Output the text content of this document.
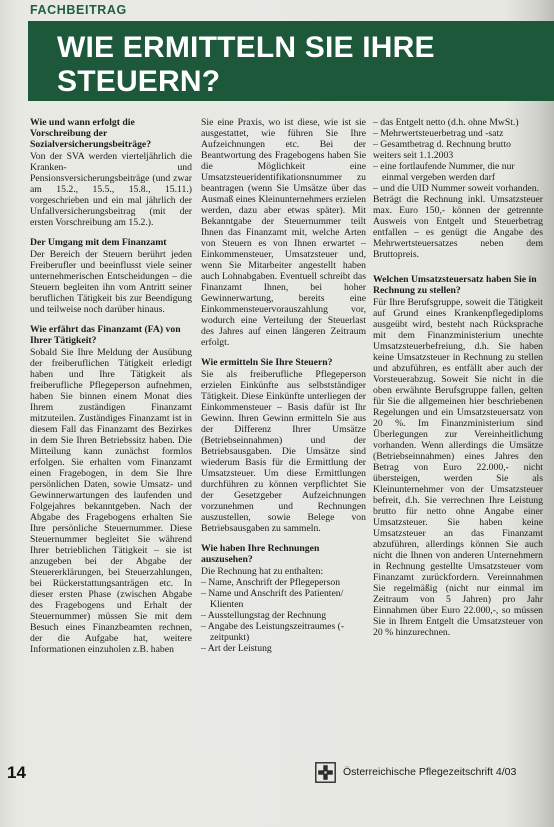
FACHBEITRAG
WIE ERMITTELN SIE IHRE
STEUERN?
Wie und wann erfolgt die Vorschreibung der Sozialversicherungsbeiträge?

Von der SVA werden vierteljährlich die Kranken- und Pensionsversicherungsbeiträge (und zwar am 15.2., 15.5., 15.8., 15.11.) vorgeschrieben und ein mal jährlich der Unfallversicherungsbeitrag (mit der ersten Vorschreibung am 15.2.).

Der Umgang mit dem Finanzamt

Der Bereich der Steuern berührt jeden Freiberufler und beeinflusst viele seiner unternehmerischen Entscheidungen – die Steuern begleiten ihn vom Antritt seiner beruflichen Tätigkeit bis zur Beendigung und teilweise noch darüber hinaus.

Wie erfährt das Finanzamt (FA) von Ihrer Tätigkeit?

Sobald Sie Ihre Meldung der Ausübung der freiberuflichen Tätigkeit erledigt haben und Ihre Tätigkeit als freiberufliche Pflegeperson aufnehmen, haben Sie binnen einem Monat dies Ihrem zuständigen Finanzamt mitzuteilen. Zuständiges Finanzamt ist in diesem Fall das Finanzamt des Bezirkes in dem Sie Ihren Betriebssitz haben. Die Mitteilung kann zunächst formlos erfolgen. Sie erhalten vom Finanzamt einen Fragebogen, in dem Sie Ihre persönlichen Daten, sowie Umsatz- und Gewinnerwartungen des laufenden und Folgejahres bekanntgeben. Nach der Abgabe des Fragebogens erhalten Sie Ihre persönliche Steuernummer. Diese Steuernummer begleitet Sie während Ihrer betrieblichen Tätigkeit – sie ist anzugeben bei der Abgabe der Steuererklärungen, bei Steuerzahlungen, bei Rückerstattungsanträgen etc. In dieser ersten Phase (zwischen Abgabe des Fragebogens und Erhalt der Steuernummer) müssen Sie mit dem Besuch eines Finanzbeamten rechnen, der die Aufgabe hat, weitere Informationen einzuholen z.B. haben

Sie eine Praxis, wo ist diese, wie ist sie ausgestattet, wie führen Sie Ihre Aufzeichnungen etc. Bei der Beantwortung des Fragebogens haben Sie die Möglichkeit eine Umsatzsteueridentifikationsnummer zu beantragen (wenn Sie Umsätze über das Ausmaß eines Kleinunternehmers erzielen werden, dazu aber etwas später). Mit Bekanntgabe der Steuernummer teilt Ihnen das Finanzamt mit, welche Arten von Steuern es von Ihnen erwartet – Einkommensteuer, Umsatzsteuer und, wenn Sie Mitarbeiter angestellt haben auch Lohnabgaben. Eventuell schreibt das Finanzamt Ihnen, bei hoher Gewinnerwartung, bereits eine Einkommensteuervorauszahlung vor, wodurch eine Verteilung der Steuerlast des Jahres auf einen längeren Zeitraum erfolgt.

Wie ermitteln Sie Ihre Steuern?

Sie als freiberufliche Pflegeperson erzielen Einkünfte aus selbstständiger Tätigkeit. Diese Einkünfte unterliegen der Einkommensteuer – Basis dafür ist Ihr Gewinn. Ihren Gewinn ermitteln Sie aus der Differenz Ihrer Umsätze (Betriebseinnahmen) und der Betriebsausgaben. Die Umsätze sind wiederum Basis für die Ermittlung der Umsatzsteuer. Um diese Ermittlungen durchführen zu können verpflichtet Sie der Gesetzgeber Aufzeichnungen vorzunehmen und Rechnungen auszustellen, sowie Belege von Betriebsausgaben zu sammeln.

Wie haben Ihre Rechnungen auszusehen?
Die Rechnung hat zu enthalten:
– Name, Anschrift der Pflegeperson
– Name und Anschrift des Patienten/ Klienten
– Ausstellungstag der Rechnung
– Angabe des Leistungszeitraumes (-zeitpunkt)
– Art der Leistung
– das Entgelt netto (d.h. ohne MwSt.)
– Mehrwertsteuerbetrag und -satz
– Gesamtbetrag d. Rechnung brutto
weiters seit 1.1.2003
– eine fortlaufende Nummer, die nur einmal vergeben werden darf
– und die UID Nummer soweit vorhanden.

Beträgt die Rechnung inkl. Umsatzsteuer max. Euro 150,- können der getrennte Ausweis von Entgelt und Steuerbetrag entfallen – es genügt die Angabe des Mehrwertsteuersatzes neben dem Bruttopreis.

Welchen Umsatzsteuersatz haben Sie in Rechnung zu stellen?

Für Ihre Berufsgruppe, soweit die Tätigkeit auf Grund eines Krankenpflegediploms ausgeübt wird, besteht nach Rücksprache mit dem Finanzministerium unechte Umsatzsteuerbefreiung, d.h. Sie haben keine Umsatzsteuer in Rechnung zu stellen und abzuführen, es entfällt aber auch der Vorsteuerabzug. Soweit Sie nicht in die oben erwähnte Berufsgruppe fallen, gelten für Sie die allgemeinen hier beschriebenen Regelungen und ein Umsatzsteuersatz von 20 %. Im Finanzministerium sind Überlegungen zur Vereinheitlichung vorhanden. Wenn allerdings die Umsätze (Betriebseinnahmen) eines Jahres den Betrag von Euro 22.000,- nicht übersteigen, werden Sie als Kleinunternehmer von der Umsatzsteuer befreit, d.h. Sie verrechnen Ihre Leistung brutto für netto ohne Angabe einer Umsatzsteuer. Sie haben keine Umsatzsteuer an das Finanzamt abzuführen, allerdings können Sie auch nicht die Ihnen von anderen Unternehmern in Rechnung gestellte Umsatzsteuer vom Finanzamt zurückfordern. Vereinnahmen Sie regelmäßig (nicht nur einmal im Zeitraum von 5 Jahren) pro Jahr Einnahmen über Euro 22.000,-, so müssen Sie in Ihrem Entgelt die Umsatzsteuer von 20 % hinzurechnen.

14	Österreichische Pflegezeitschrift 4/03
